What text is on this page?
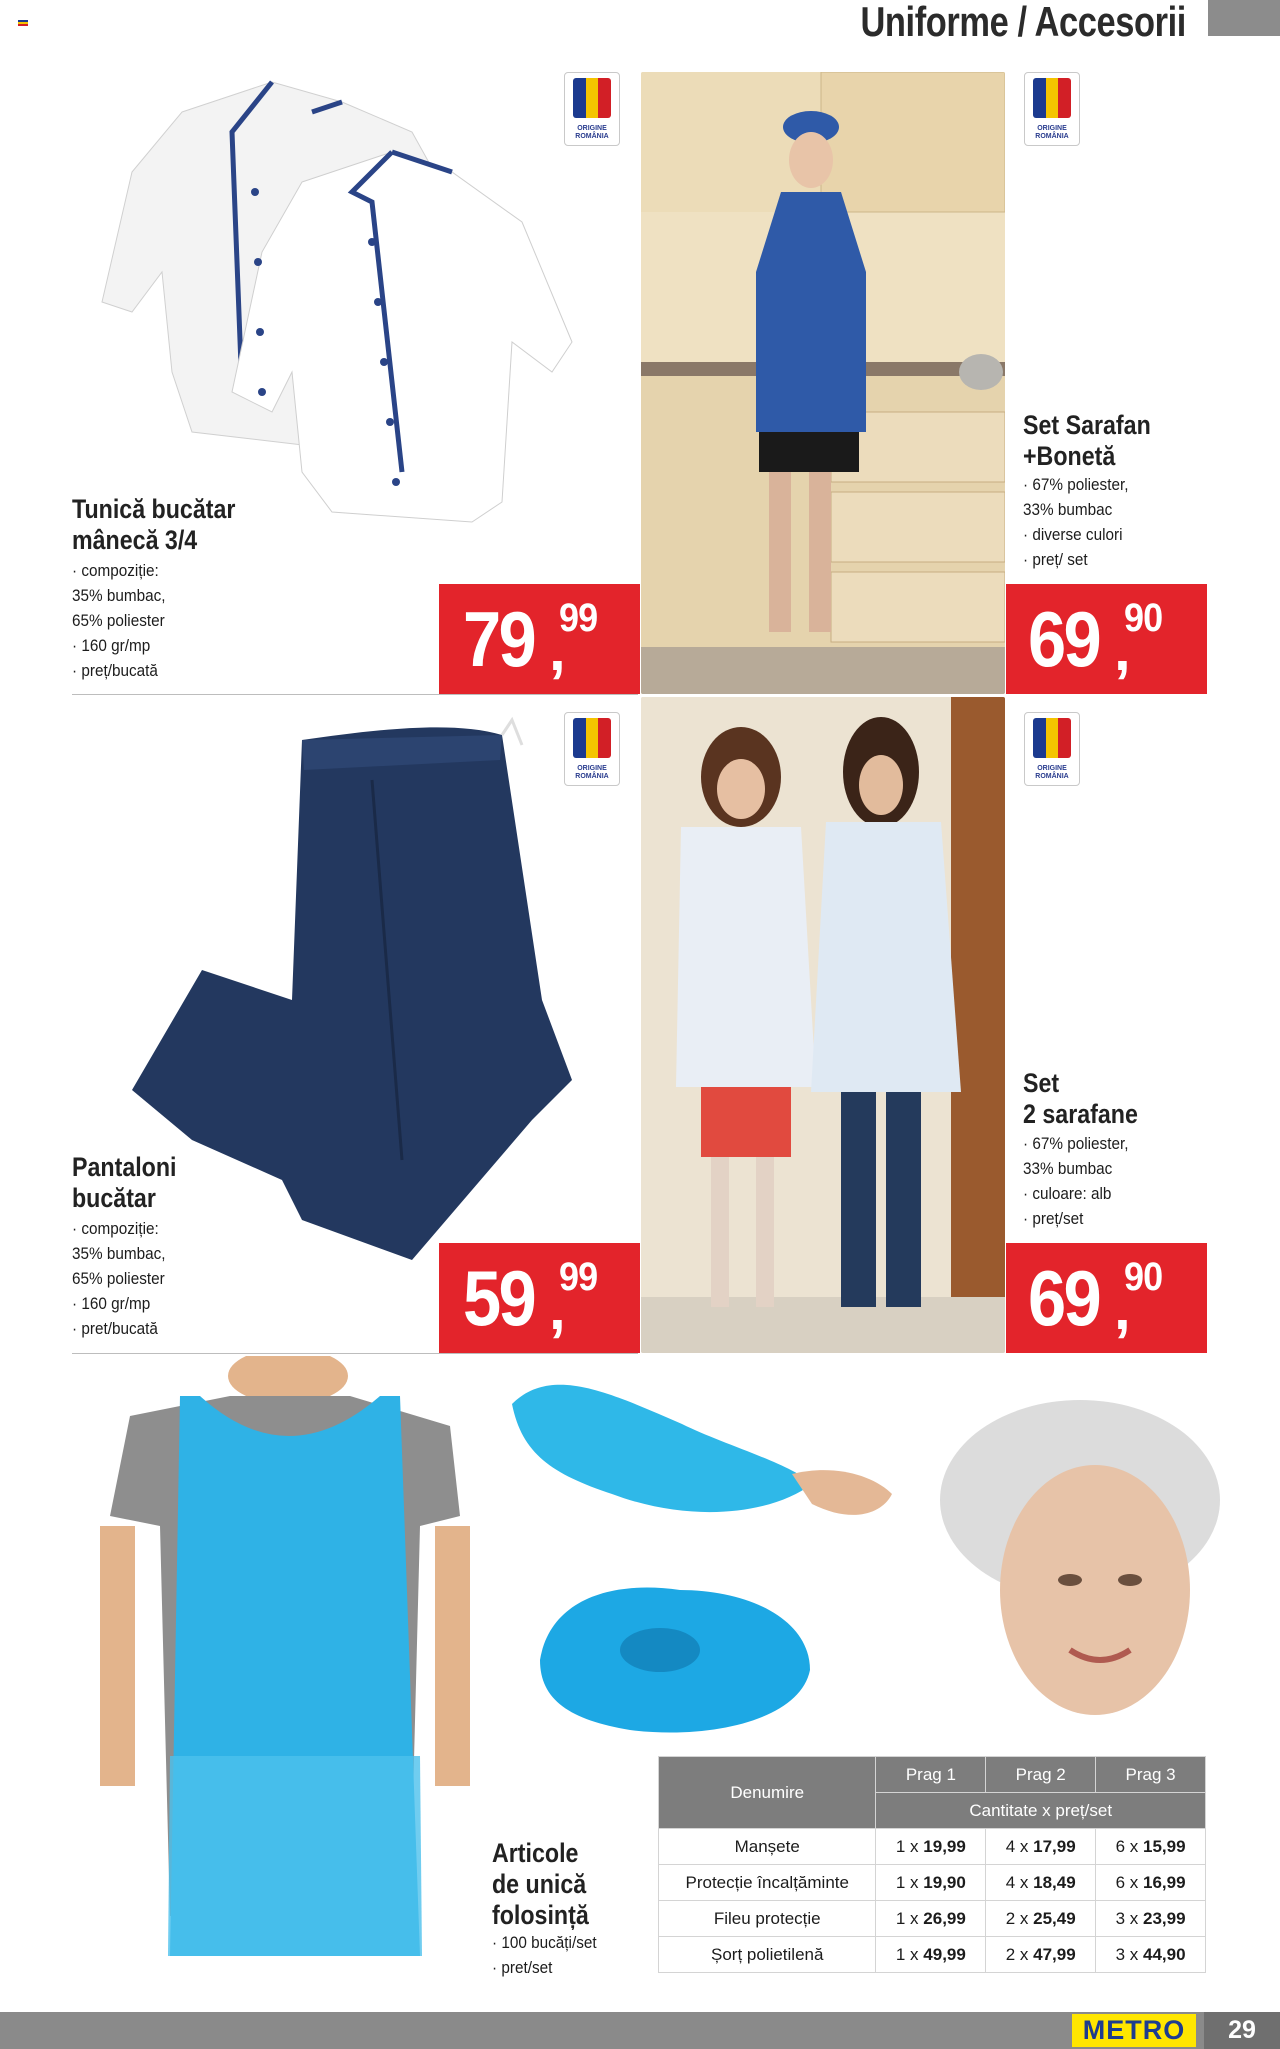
Uniforme / Accesorii
ORIGINE
ROMÂNIA
Tunică bucătar
mânecă 3/4
· compoziție:
35% bumbac,
65% poliester
· 160 gr/mp
· preț/bucată	79 ,
99
ORIGINE
ROMÂNIA
Set Sarafan
+Bonetă
· 67% poliester,
33% bumbac
· diverse culori
· preț/ set
69 ,
90
ORIGINE
ROMÂNIA
Pantaloni
bucătar
· compoziție:
35% bumbac,
65% poliester
· 160 gr/mp
· pret/bucată	59 ,
99
ORIGINE
ROMÂNIA
Set
2 sarafane
· 67% poliester,
33% bumbac
· culoare: alb
· preț/set
69 ,
90
Articole
de unică
folosință
· 100 bucăți/set
· pret/set
Denumire	Prag 1	Prag 2	Prag 3
	Cantitate x preț/set		
Manșete	1 x 19,99	4 x 17,99	6 x 15,99
Protecție încalțăminte	1 x 19,90	4 x 18,49	6 x 16,99
Fileu protecție	1 x 26,99	2 x 25,49	3 x 23,99
Șorț polietilenă	1 x 49,99	2 x 47,99	3 x 44,90
METRO	29
